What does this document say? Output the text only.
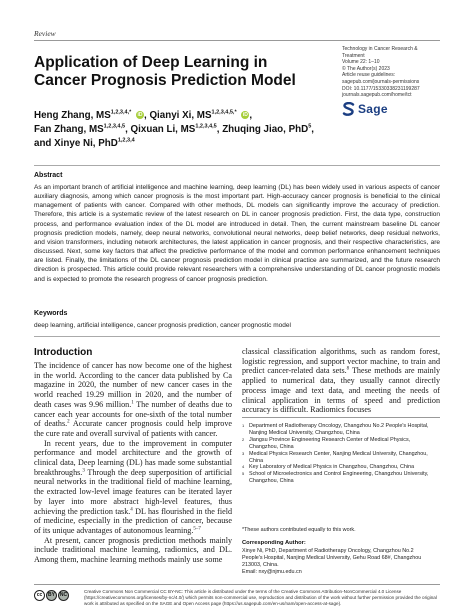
Review
Application of Deep Learning in Cancer Prognosis Prediction Model
Technology in Cancer Research &
Treatment
Volume 22: 1–10
© The Author(s) 2023
Article reuse guidelines:
sagepub.com/journals-permissions
DOI: 10.1177/15330338231199287
journals.sagepub.com/home/tct
Sage
Heng Zhang, $MS^{1,2,3,4,*}$ iD , Qianyi Xi, $MS^{1,2,3,4,5,*}$ iD ,
Fan Zhang, MS$^{1,2,3,4,5}$, Qixuan Li, MS$^{1,2,3,4,5}$, Zhuqing Jiao, PhD$^5$,
and Xinye Ni, PhD$^{1,2,3,4}$
Abstract

As an important branch of artificial intelligence and machine learning, deep learning (DL) has been widely used in various aspects of cancer auxiliary diagnosis, among which cancer prognosis is the most important part. High-accuracy cancer prognosis is beneficial to the clinical management of patients with cancer. Compared with other methods, DL models can significantly improve the accuracy of prediction. Therefore, this article is a systematic review of the latest research on DL in cancer prognosis prediction. First, the data type, construction process, and performance evaluation index of the DL model are introduced in detail. Then, the current mainstream baseline DL cancer prognosis prediction models, namely, deep neural networks, convolutional neural networks, deep belief networks, deep residual networks, and vision transformers, including network architectures, the latest application in cancer prognosis, and their respective characteristics, are discussed. Next, some key factors that affect the predictive performance of the model and common performance enhancement techniques are listed. Finally, the limitations of the DL cancer prognosis prediction model in clinical practice are summarized, and the future research direction is prospected. This article could provide relevant researchers with a comprehensive understanding of DL cancer prognostic models and is expected to promote the research progress of cancer prognosis prediction.

Keywords

deep learning, artificial intelligence, cancer prognosis prediction, cancer prognostic model

Introduction

The incidence of cancer has now become one of the highest in the world. According to the cancer data published by Ca magazine in 2020, the number of new cancer cases in the world reached 19.29 million in 2020, and the number of death cases was 9.96 million.$^1$ The number of deaths due to cancer each year accounts for one-sixth of the total number of deaths.$^2$ Accurate cancer prognosis could help improve the cure rate and overall survival of patients with cancer.

In recent years, due to the improvement in computer performance and model architecture and the growth of clinical data, Deep learning (DL) has made some substantial breakthroughs.$^3$ Through the deep superposition of artificial neural networks in the traditional field of machine learning, the extracted low-level image features can be iterated layer by layer into more abstract high-level features, thus achieving the prediction task.$^4$ DL has flourished in the field of medicine, especially in the prediction of cancer, because of its unique advantages of autonomous learning.$^{5-7}$

At present, cancer prognosis prediction methods mainly include traditional machine learning, radiomics, and DL. Among them, machine learning methods mainly use some

classical classification algorithms, such as random forest, logistic regression, and support vector machine, to train and predict cancer-related data sets.$^8$ These methods are mainly applied to numerical data, they usually cannot directly process image and text data, and meeting the needs of clinical application in terms of speed and prediction accuracy is difficult. Radiomics focuses
1 Department of Radiotherapy Oncology, Changzhou No.2 People's Hospital, Nanjing Medical University, Changzhou, China
2 Jiangsu Province Engineering Research Center of Medical Physics, Changzhou, China
3 Medical Physics Research Center, Nanjing Medical University, Changzhou, China
4 Key Laboratory of Medical Physics in Changzhou, Changzhou, China
5 School of Microelectronics and Control Engineering, Changzhou University, Changzhou, China
*These authors contributed equally to this work.
Corresponding Author:
Xinye Ni, PhD, Department of Radiotherapy Oncology, Changzhou No.2
People's Hospital, Nanjing Medical University, Gehu Road 68#, Changzhou
213003, China.
Email: nxy@njmu.edu.cn
cc	BY NC
Creative Commons Non Commercial CC BY-NC: This article is distributed under the terms of the Creative Commons Attribution-NonCommercial 4.0 License (https://creativecommons.org/licenses/by-nc/4.0/) which permits non-commercial use, reproduction and distribution of the work without further permission provided the original work is attributed as specified on the SAGE and Open Access page (https://us.sagepub.com/en-us/nam/open-access-at-sage).
